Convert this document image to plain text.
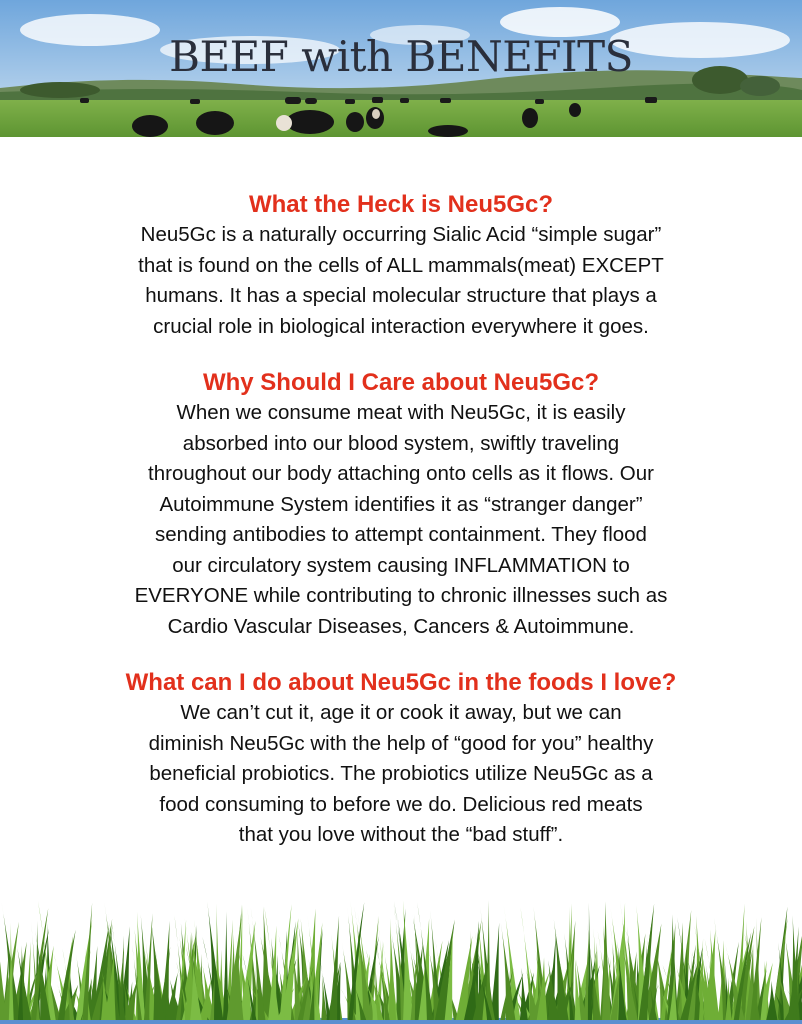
BEEF with BENEFITS
What the Heck is Neu5Gc?

Neu5Gc is a naturally occurring Sialic Acid “simple sugar”
that is found on the cells of ALL mammals(meat) EXCEPT
humans. It has a special molecular structure that plays a
crucial role in biological interaction everywhere it goes.

Why Should I Care about Neu5Gc?

When we consume meat with Neu5Gc, it is easily
absorbed into our blood system, swiftly traveling
throughout our body attaching onto cells as it flows. Our
Autoimmune System identifies it as “stranger danger”
sending antibodies to attempt containment. They flood
our circulatory system causing INFLAMMATION to
EVERYONE while contributing to chronic illnesses such as
Cardio Vascular Diseases, Cancers & Autoimmune.

What can I do about Neu5Gc in the foods I love?

We can’t cut it, age it or cook it away, but we can
diminish Neu5Gc with the help of “good for you” healthy
beneficial probiotics. The probiotics utilize Neu5Gc as a
food consuming to before we do. Delicious red meats
that you love without the “bad stuff”.
